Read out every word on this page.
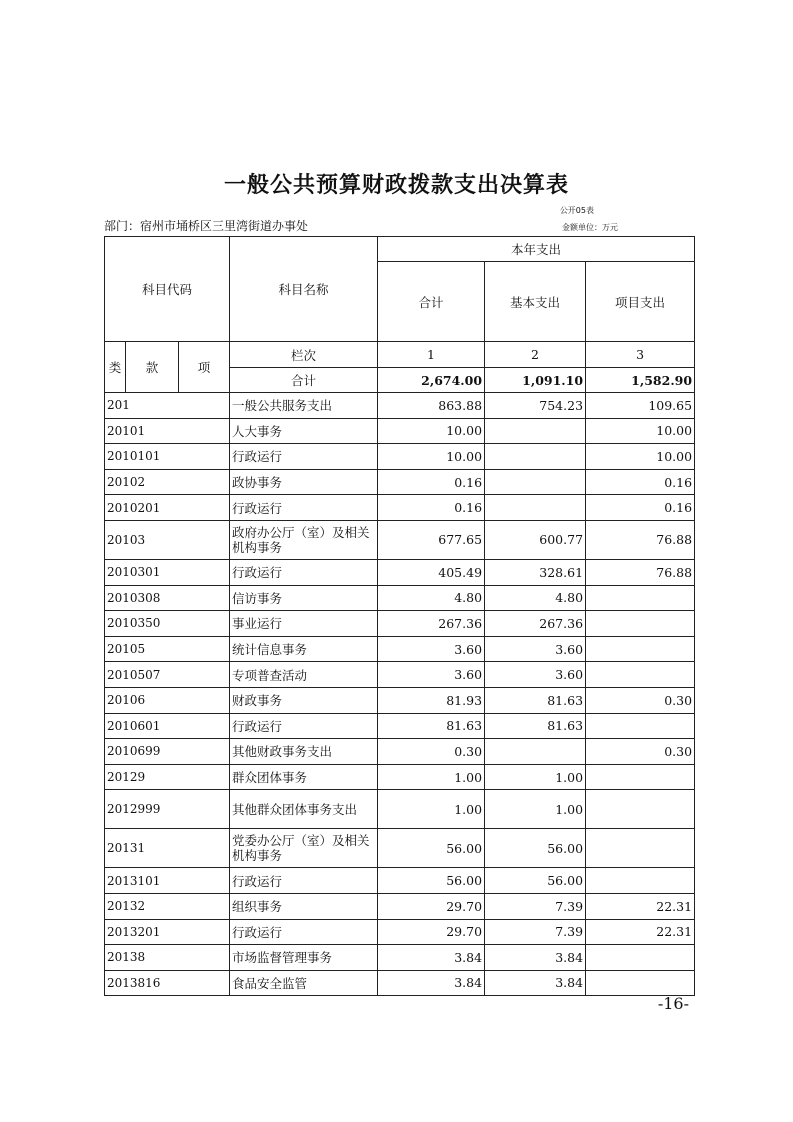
一般公共预算财政拨款支出决算表
公开05表
部门：宿州市埇桥区三里湾街道办事处	金额单位：万元
科目代码			科目名称	本年支出		
				合计	基本支出	项目支出
类	款	项	栏次	1	2	3
			合计	2,674.00	1,091.10	1,582.90
201			一般公共服务支出	863.88	754.23	109.65
20101			人大事务	10.00		10.00
2010101			行政运行	10.00		10.00
20102			政协事务	0.16		0.16
2010201			行政运行	0.16		0.16
20103			政府办公厅（室）及相关机构事务	677.65	600.77	76.88
2010301			行政运行	405.49	328.61	76.88
2010308			信访事务	4.80	4.80	
2010350			事业运行	267.36	267.36	
20105			统计信息事务	3.60	3.60	
2010507			专项普查活动	3.60	3.60	
20106			财政事务	81.93	81.63	0.30
2010601			行政运行	81.63	81.63	
2010699			其他财政事务支出	0.30		0.30
20129			群众团体事务	1.00	1.00	
2012999			其他群众团体事务支出	1.00	1.00	
20131			党委办公厅（室）及相关机构事务	56.00	56.00	
2013101			行政运行	56.00	56.00	
20132			组织事务	29.70	7.39	22.31
2013201			行政运行	29.70	7.39	22.31
20138			市场监督管理事务	3.84	3.84	
2013816			食品安全监管	3.84	3.84	
-16-
